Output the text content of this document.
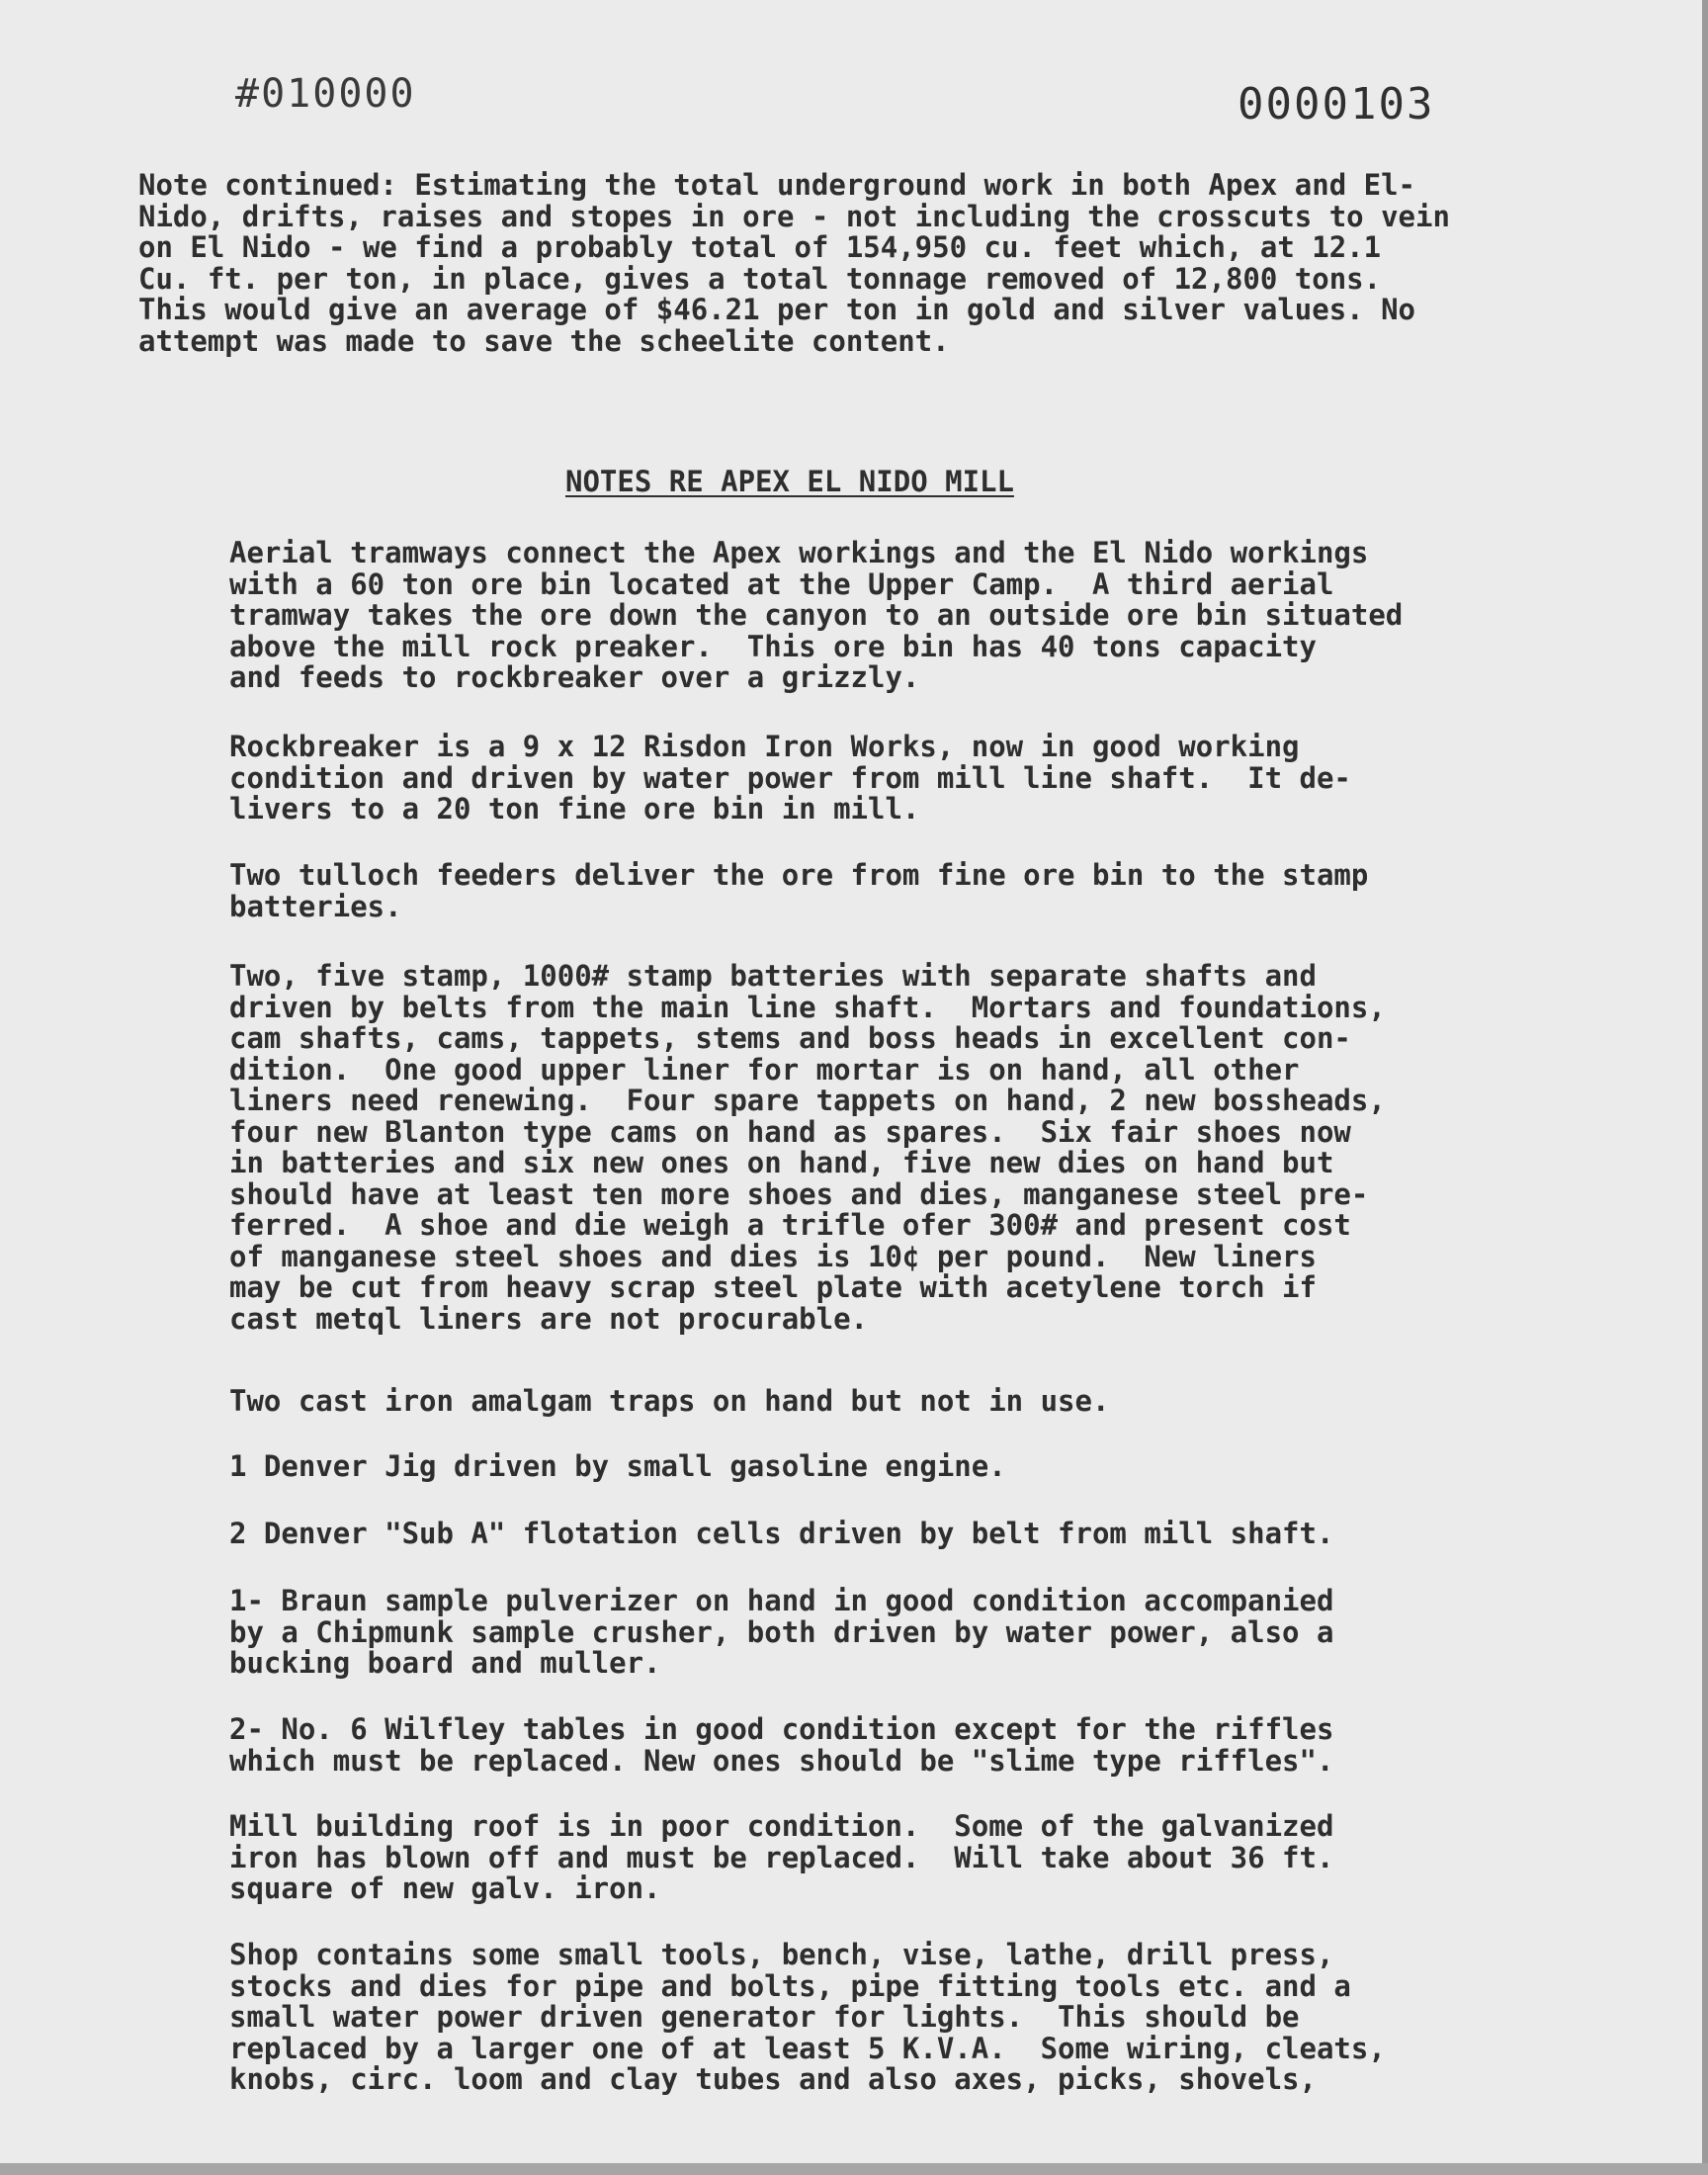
#010000	0000103
Note continued: Estimating the total underground work in both Apex and El-
Nido, drifts, raises and stopes in ore - not including the crosscuts to vein
on El Nido - we find a probably total of 154,950 cu. feet which, at 12.1
Cu. ft. per ton, in place, gives a total tonnage removed of 12,800 tons.
This would give an average of $46.21 per ton in gold and silver values. No
attempt was made to save the scheelite content.
NOTES RE APEX EL NIDO MILL
Aerial tramways connect the Apex workings and the El Nido workings
with a 60 ton ore bin located at the Upper Camp.  A third aerial
tramway takes the ore down the canyon to an outside ore bin situated
above the mill rock preaker.  This ore bin has 40 tons capacity
and feeds to rockbreaker over a grizzly.
Rockbreaker is a 9 x 12 Risdon Iron Works, now in good working
condition and driven by water power from mill line shaft.  It de-
livers to a 20 ton fine ore bin in mill.
Two tulloch feeders deliver the ore from fine ore bin to the stamp
batteries.
Two, five stamp, 1000# stamp batteries with separate shafts and
driven by belts from the main line shaft.  Mortars and foundations,
cam shafts, cams, tappets, stems and boss heads in excellent con-
dition.  One good upper liner for mortar is on hand, all other
liners need renewing.  Four spare tappets on hand, 2 new bossheads,
four new Blanton type cams on hand as spares.  Six fair shoes now
in batteries and six new ones on hand, five new dies on hand but
should have at least ten more shoes and dies, manganese steel pre-
ferred.  A shoe and die weigh a trifle ofer 300# and present cost
of manganese steel shoes and dies is 10¢ per pound.  New liners
may be cut from heavy scrap steel plate with acetylene torch if
cast metql liners are not procurable.
Two cast iron amalgam traps on hand but not in use.
1 Denver Jig driven by small gasoline engine.
2 Denver "Sub A" flotation cells driven by belt from mill shaft.
1- Braun sample pulverizer on hand in good condition accompanied
by a Chipmunk sample crusher, both driven by water power, also a
bucking board and muller.
2- No. 6 Wilfley tables in good condition except for the riffles
which must be replaced. New ones should be "slime type riffles".
Mill building roof is in poor condition.  Some of the galvanized
iron has blown off and must be replaced.  Will take about 36 ft.
square of new galv. iron.
Shop contains some small tools, bench, vise, lathe, drill press,
stocks and dies for pipe and bolts, pipe fitting tools etc. and a
small water power driven generator for lights.  This should be
replaced by a larger one of at least 5 K.V.A.  Some wiring, cleats,
knobs, circ. loom and clay tubes and also axes, picks, shovels,
